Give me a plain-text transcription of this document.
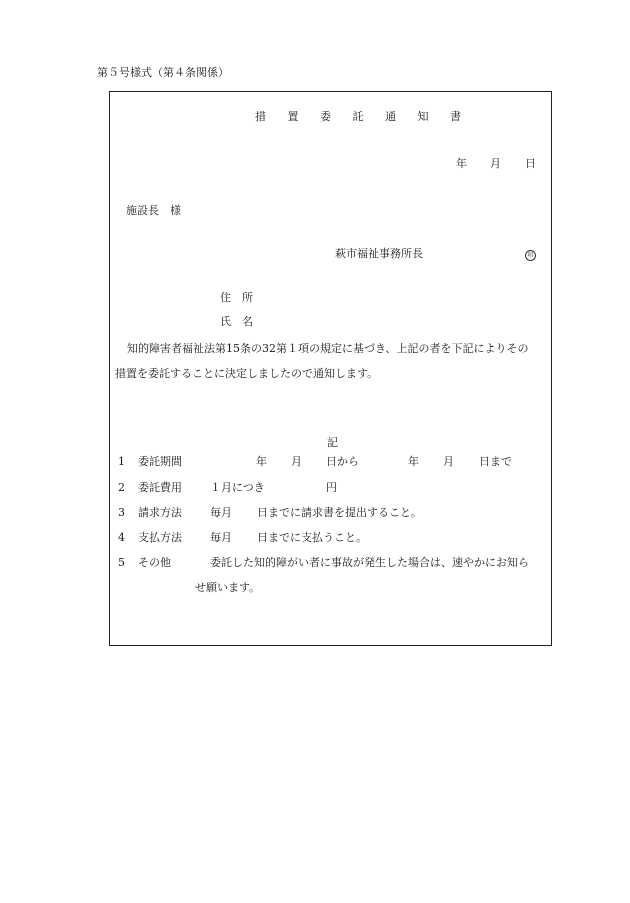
第５号様式（第４条関係）
措 置 委 託 通 知 書
年 月 日
施設長　様
萩市福祉事務所長	印
住　所
氏　名
知的障害者福祉法第15条の32第１項の規定に基づき、上記の者を下記によりその
措置を委託することに決定しましたので通知します。
記
1 委託期間	年 月 日から	年 月 日まで
2 委託費用	１月につき	円
3 請求方法	毎月 日までに請求書を提出すること。
4 支払方法	毎月 日までに支払うこと。
5 その他	委託した知的障がい者に事故が発生した場合は、速やかにお知ら
せ願います。
